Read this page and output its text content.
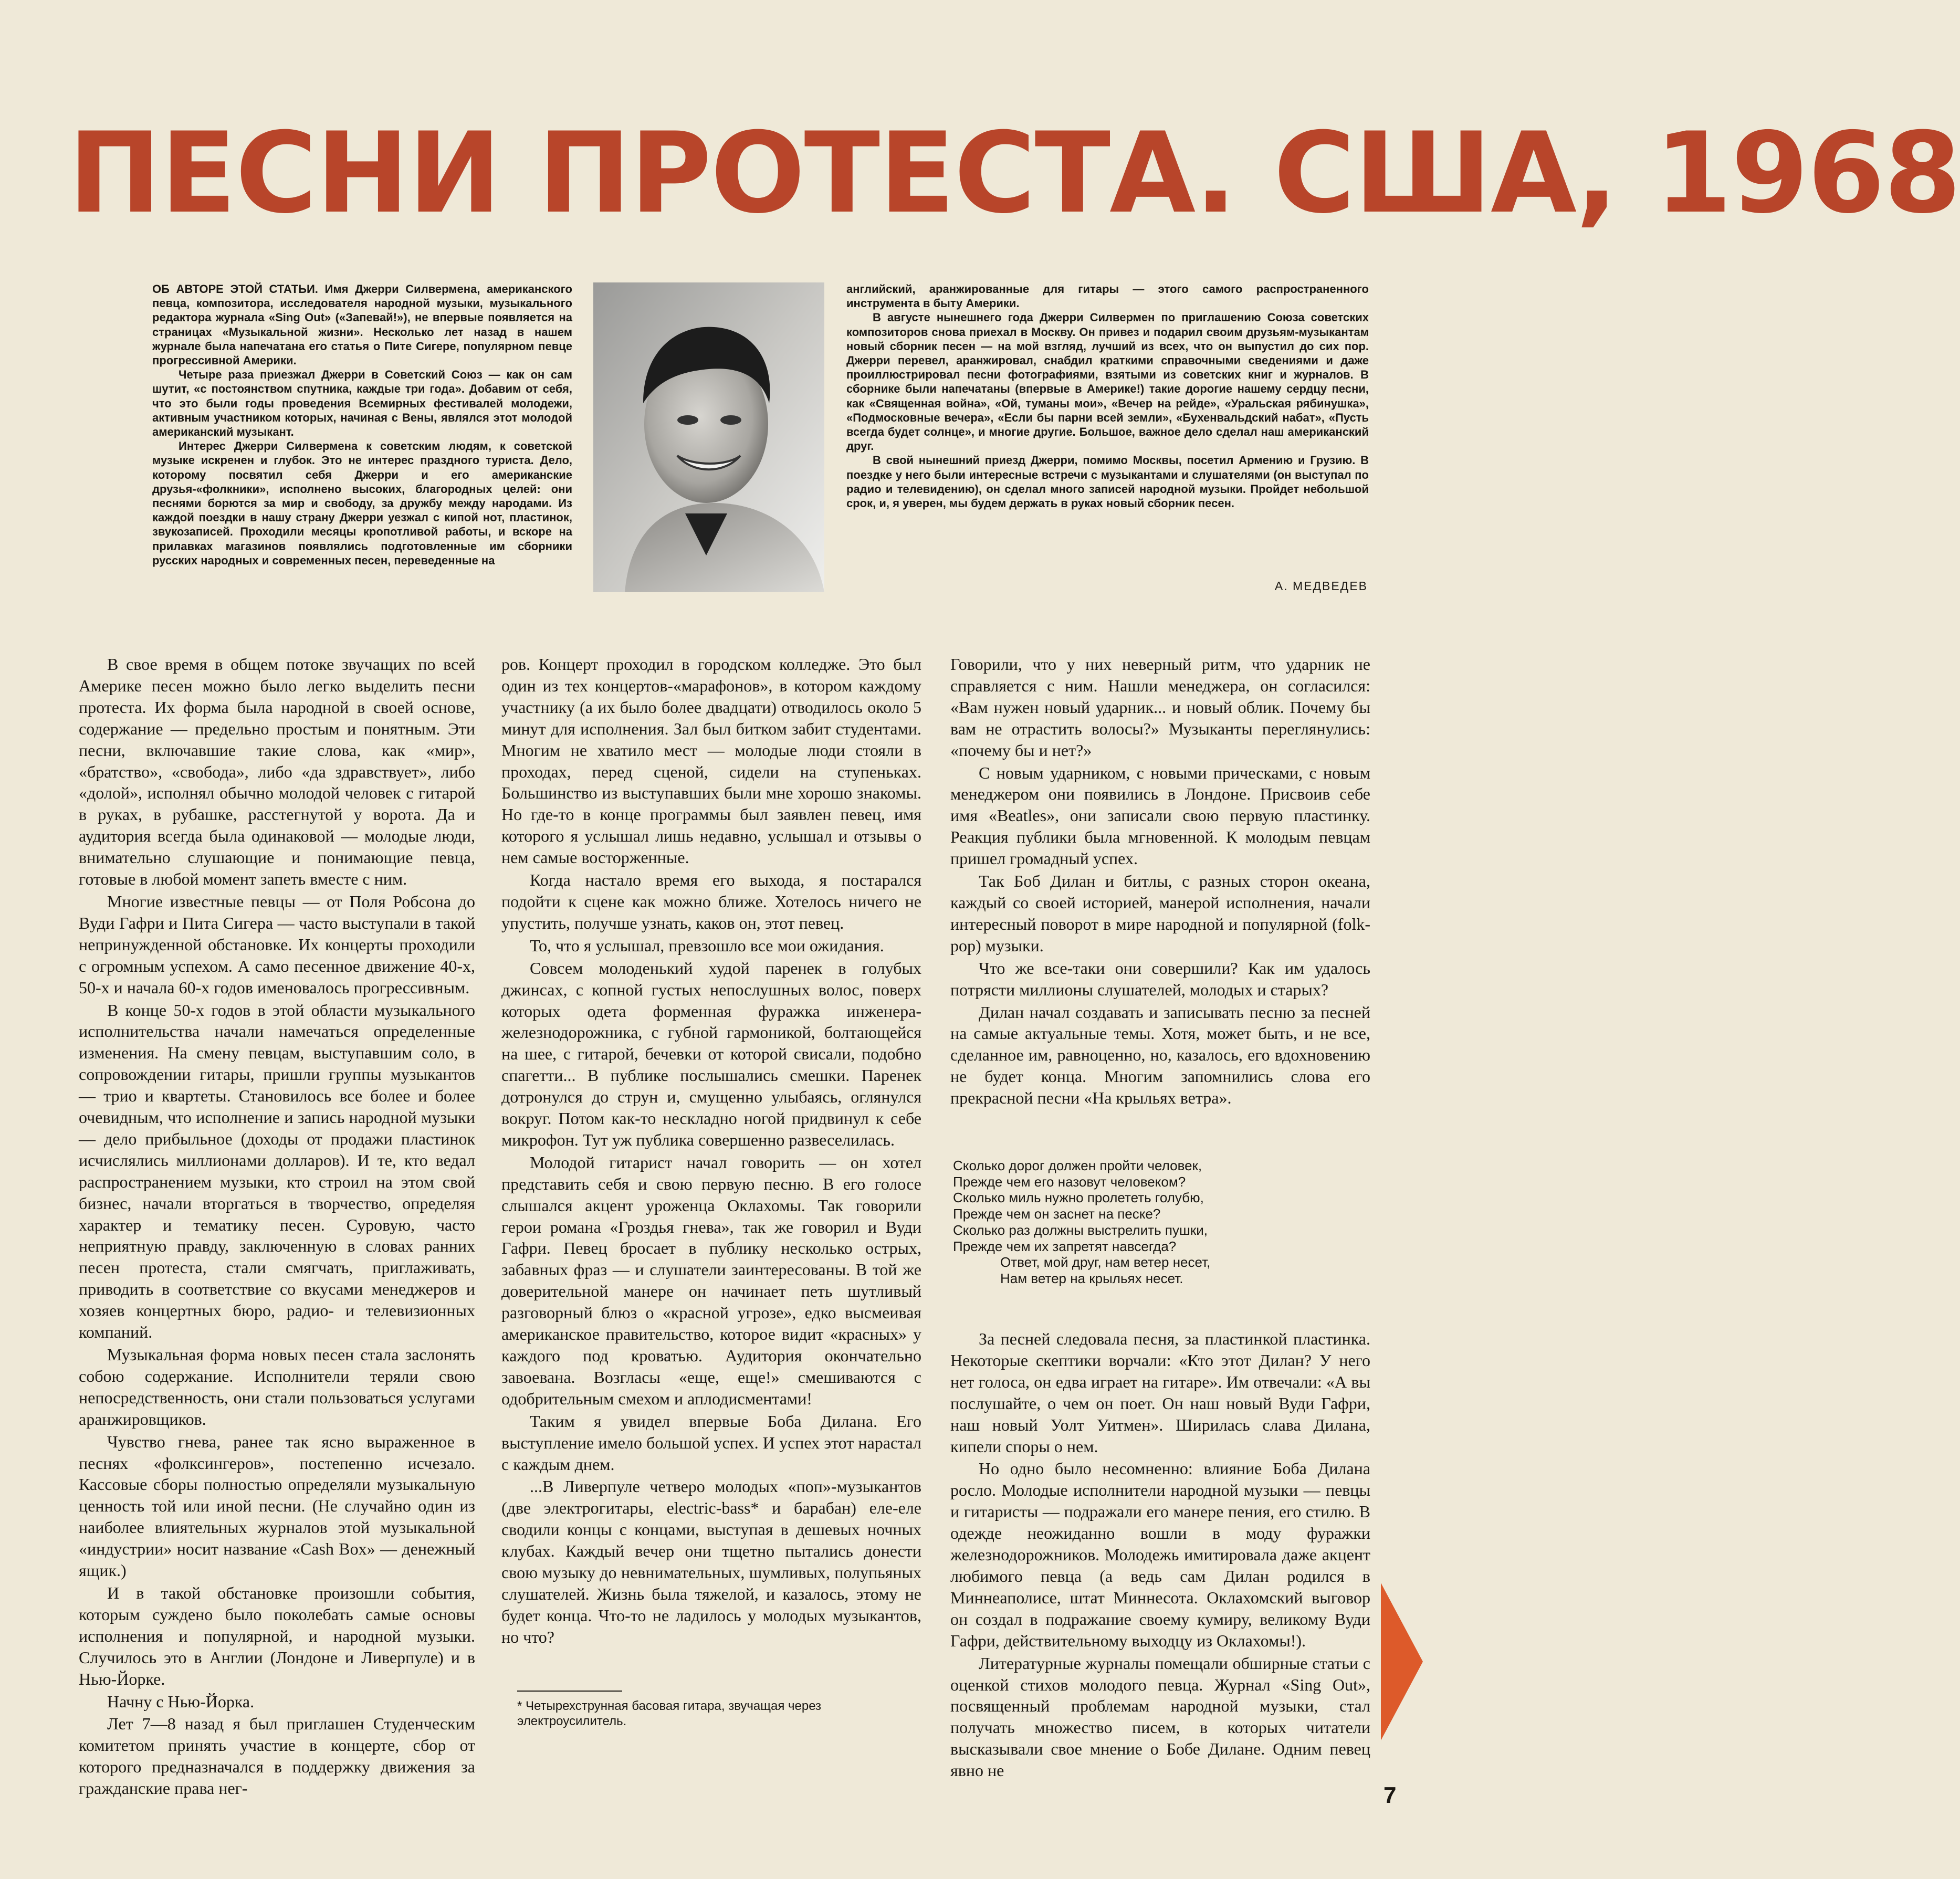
ПЕСНИ ПРОТЕСТА. США, 1968

ОБ АВТОРЕ ЭТОЙ СТАТЬИ. Имя Джерри Силвермена, американского певца, композитора, исследователя народной музыки, музыкального редактора журнала «Sing Out» («Запевай!»), не впервые появляется на страницах «Музыкальной жизни». Несколько лет назад в нашем журнале была напечатана его статья о Пите Сигере, популярном певце прогрессивной Америки.

Четыре раза приезжал Джерри в Советский Союз — как он сам шутит, «с постоянством спутника, каждые три года». Добавим от себя, что это были годы проведения Всемирных фестивалей молодежи, активным участником которых, начиная с Вены, являлся этот молодой американский музыкант.

Интерес Джерри Силвермена к советским людям, к советской музыке искренен и глубок. Это не интерес праздного туриста. Дело, которому посвятил себя Джерри и его американские друзья-«фолкники», исполнено высоких, благородных целей: они песнями борются за мир и свободу, за дружбу между народами. Из каждой поездки в нашу страну Джерри уезжал с кипой нот, пластинок, звукозаписей. Проходили месяцы кропотливой работы, и вскоре на прилавках магазинов появлялись подготовленные им сборники русских народных и современных песен, переведенные на

английский, аранжированные для гитары — этого самого распространенного инструмента в быту Америки.

В августе нынешнего года Джерри Силвермен по приглашению Союза советских композиторов снова приехал в Москву. Он привез и подарил своим друзьям-музыкантам новый сборник песен — на мой взгляд, лучший из всех, что он выпустил до сих пор. Джерри перевел, аранжировал, снабдил краткими справочными сведениями и даже проиллюстрировал песни фотографиями, взятыми из советских книг и журналов. В сборнике были напечатаны (впервые в Америке!) такие дорогие нашему сердцу песни, как «Священная война», «Ой, туманы мои», «Вечер на рейде», «Уральская рябинушка», «Подмосковные вечера», «Если бы парни всей земли», «Бухенвальдский набат», «Пусть всегда будет солнце», и многие другие. Большое, важное дело сделал наш американский друг.

В свой нынешний приезд Джерри, помимо Москвы, посетил Армению и Грузию. В поездке у него были интересные встречи с музыкантами и слушателями (он выступал по радио и телевидению), он сделал много записей народной музыки. Пройдет небольшой срок, и, я уверен, мы будем держать в руках новый сборник песен.

А. МЕДВЕДЕВ

В свое время в общем потоке звучащих по всей Америке песен можно было легко выделить песни протеста. Их форма была народной в своей основе, содержание — предельно простым и понятным. Эти песни, включавшие такие слова, как «мир», «братство», «свобода», либо «да здравствует», либо «долой», исполнял обычно молодой человек с гитарой в руках, в рубашке, расстегнутой у ворота. Да и аудитория всегда была одинаковой — молодые люди, внимательно слушающие и понимающие певца, готовые в любой момент запеть вместе с ним.

Многие известные певцы — от Поля Робсона до Вуди Гафри и Пита Сигера — часто выступали в такой непринужденной обстановке. Их концерты проходили с огромным успехом. А само песенное движение 40-х, 50-х и начала 60-х годов именовалось прогрессивным.

В конце 50-х годов в этой области музыкального исполнительства начали намечаться определенные изменения. На смену певцам, выступавшим соло, в сопровождении гитары, пришли группы музыкантов — трио и квартеты. Становилось все более и более очевидным, что исполнение и запись народной музыки — дело прибыльное (доходы от продажи пластинок исчислялись миллионами долларов). И те, кто ведал распространением музыки, кто строил на этом свой бизнес, начали вторгаться в творчество, определяя характер и тематику песен. Суровую, часто неприятную правду, заключенную в словах ранних песен протеста, стали смягчать, приглаживать, приводить в соответствие со вкусами менеджеров и хозяев концертных бюро, радио- и телевизионных компаний.

Музыкальная форма новых песен стала заслонять собою содержание. Исполнители теряли свою непосредственность, они стали пользоваться услугами аранжировщиков.

Чувство гнева, ранее так ясно выраженное в песнях «фолксингеров», постепенно исчезало. Кассовые сборы полностью определяли музыкальную ценность той или иной песни. (Не случайно один из наиболее влиятельных журналов этой музыкальной «индустрии» носит название «Cash Box» — денежный ящик.)

И в такой обстановке произошли события, которым суждено было поколебать самые основы исполнения и популярной, и народной музыки. Случилось это в Англии (Лондоне и Ливерпуле) и в Нью-Йорке.

Начну с Нью-Йорка.

Лет 7—8 назад я был приглашен Студенческим комитетом принять участие в концерте, сбор от которого предназначался в поддержку движения за гражданские права нег-

ров. Концерт проходил в городском колледже. Это был один из тех концертов-«марафонов», в котором каждому участнику (а их было более двадцати) отводилось около 5 минут для исполнения. Зал был битком забит студентами. Многим не хватило мест — молодые люди стояли в проходах, перед сценой, сидели на ступеньках. Большинство из выступавших были мне хорошо знакомы. Но где-то в конце программы был заявлен певец, имя которого я услышал лишь недавно, услышал и отзывы о нем самые восторженные.

Когда настало время его выхода, я постарался подойти к сцене как можно ближе. Хотелось ничего не упустить, получше узнать, каков он, этот певец.

То, что я услышал, превзошло все мои ожидания.

Совсем молоденький худой паренек в голубых джинсах, с копной густых непослушных волос, поверх которых одета форменная фуражка инженера-железнодорожника, с губной гармоникой, болтающейся на шее, с гитарой, бечевки от которой свисали, подобно спагетти... В публике послышались смешки. Паренек дотронулся до струн и, смущенно улыбаясь, оглянулся вокруг. Потом как-то нескладно ногой придвинул к себе микрофон. Тут уж публика совершенно развеселилась.

Молодой гитарист начал говорить — он хотел представить себя и свою первую песню. В его голосе слышался акцент уроженца Оклахомы. Так говорили герои романа «Гроздья гнева», так же говорил и Вуди Гафри. Певец бросает в публику несколько острых, забавных фраз — и слушатели заинтересованы. В той же доверительной манере он начинает петь шутливый разговорный блюз о «красной угрозе», едко высмеивая американское правительство, которое видит «красных» у каждого под кроватью. Аудитория окончательно завоевана. Возгласы «еще, еще!» смешиваются с одобрительным смехом и аплодисментами!

Таким я увидел впервые Боба Дилана. Его выступление имело большой успех. И успех этот нарастал с каждым днем.

...В Ливерпуле четверо молодых «поп»-музыкантов (две электрогитары, electric-bass* и барабан) еле-еле сводили концы с концами, выступая в дешевых ночных клубах. Каждый вечер они тщетно пытались донести свою музыку до невнимательных, шумливых, полупьяных слушателей. Жизнь была тяжелой, и казалось, этому не будет конца. Что-то не ладилось у молодых музыкантов, но что?

* Четырехструнная басовая гитара, звучащая через электроусилитель.

Говорили, что у них неверный ритм, что ударник не справляется с ним. Нашли менеджера, он согласился: «Вам нужен новый ударник... и новый облик. Почему бы вам не отрастить волосы?» Музыканты переглянулись: «почему бы и нет?»

С новым ударником, с новыми прическами, с новым менеджером они появились в Лондоне. Присвоив себе имя «Beatles», они записали свою первую пластинку. Реакция публики была мгновенной. К молодым певцам пришел громадный успех.

Так Боб Дилан и битлы, с разных сторон океана, каждый со своей историей, манерой исполнения, начали интересный поворот в мире народной и популярной (folk-pop) музыки.

Что же все-таки они совершили? Как им удалось потрясти миллионы слушателей, молодых и старых?

Дилан начал создавать и записывать песню за песней на самые актуальные темы. Хотя, может быть, и не все, сделанное им, равноценно, но, казалось, его вдохновению не будет конца. Многим запомнились слова его прекрасной песни «На крыльях ветра».

Сколько дорог должен пройти человек,
Прежде чем его назовут человеком?
Сколько миль нужно пролететь голубю,
Прежде чем он заснет на песке?
Сколько раз должны выстрелить пушки,
Прежде чем их запретят навсегда?
Ответ, мой друг, нам ветер несет,
Нам ветер на крыльях несет.

За песней следовала песня, за пластинкой пластинка. Некоторые скептики ворчали: «Кто этот Дилан? У него нет голоса, он едва играет на гитаре». Им отвечали: «А вы послушайте, о чем он поет. Он наш новый Вуди Гафри, наш новый Уолт Уитмен». Ширилась слава Дилана, кипели споры о нем.

Но одно было несомненно: влияние Боба Дилана росло. Молодые исполнители народной музыки — певцы и гитаристы — подражали его манере пения, его стилю. В одежде неожиданно вошли в моду фуражки железнодорожников. Молодежь имитировала даже акцент любимого певца (а ведь сам Дилан родился в Миннеаполисе, штат Миннесота. Оклахомский выговор он создал в подражание своему кумиру, великому Вуди Гафри, действительному выходцу из Оклахомы!).

Литературные журналы помещали обширные статьи с оценкой стихов молодого певца. Журнал «Sing Out», посвященный проблемам народной музыки, стал получать множество писем, в которых читатели высказывали свое мнение о Бобе Дилане. Одним певец явно не

7
